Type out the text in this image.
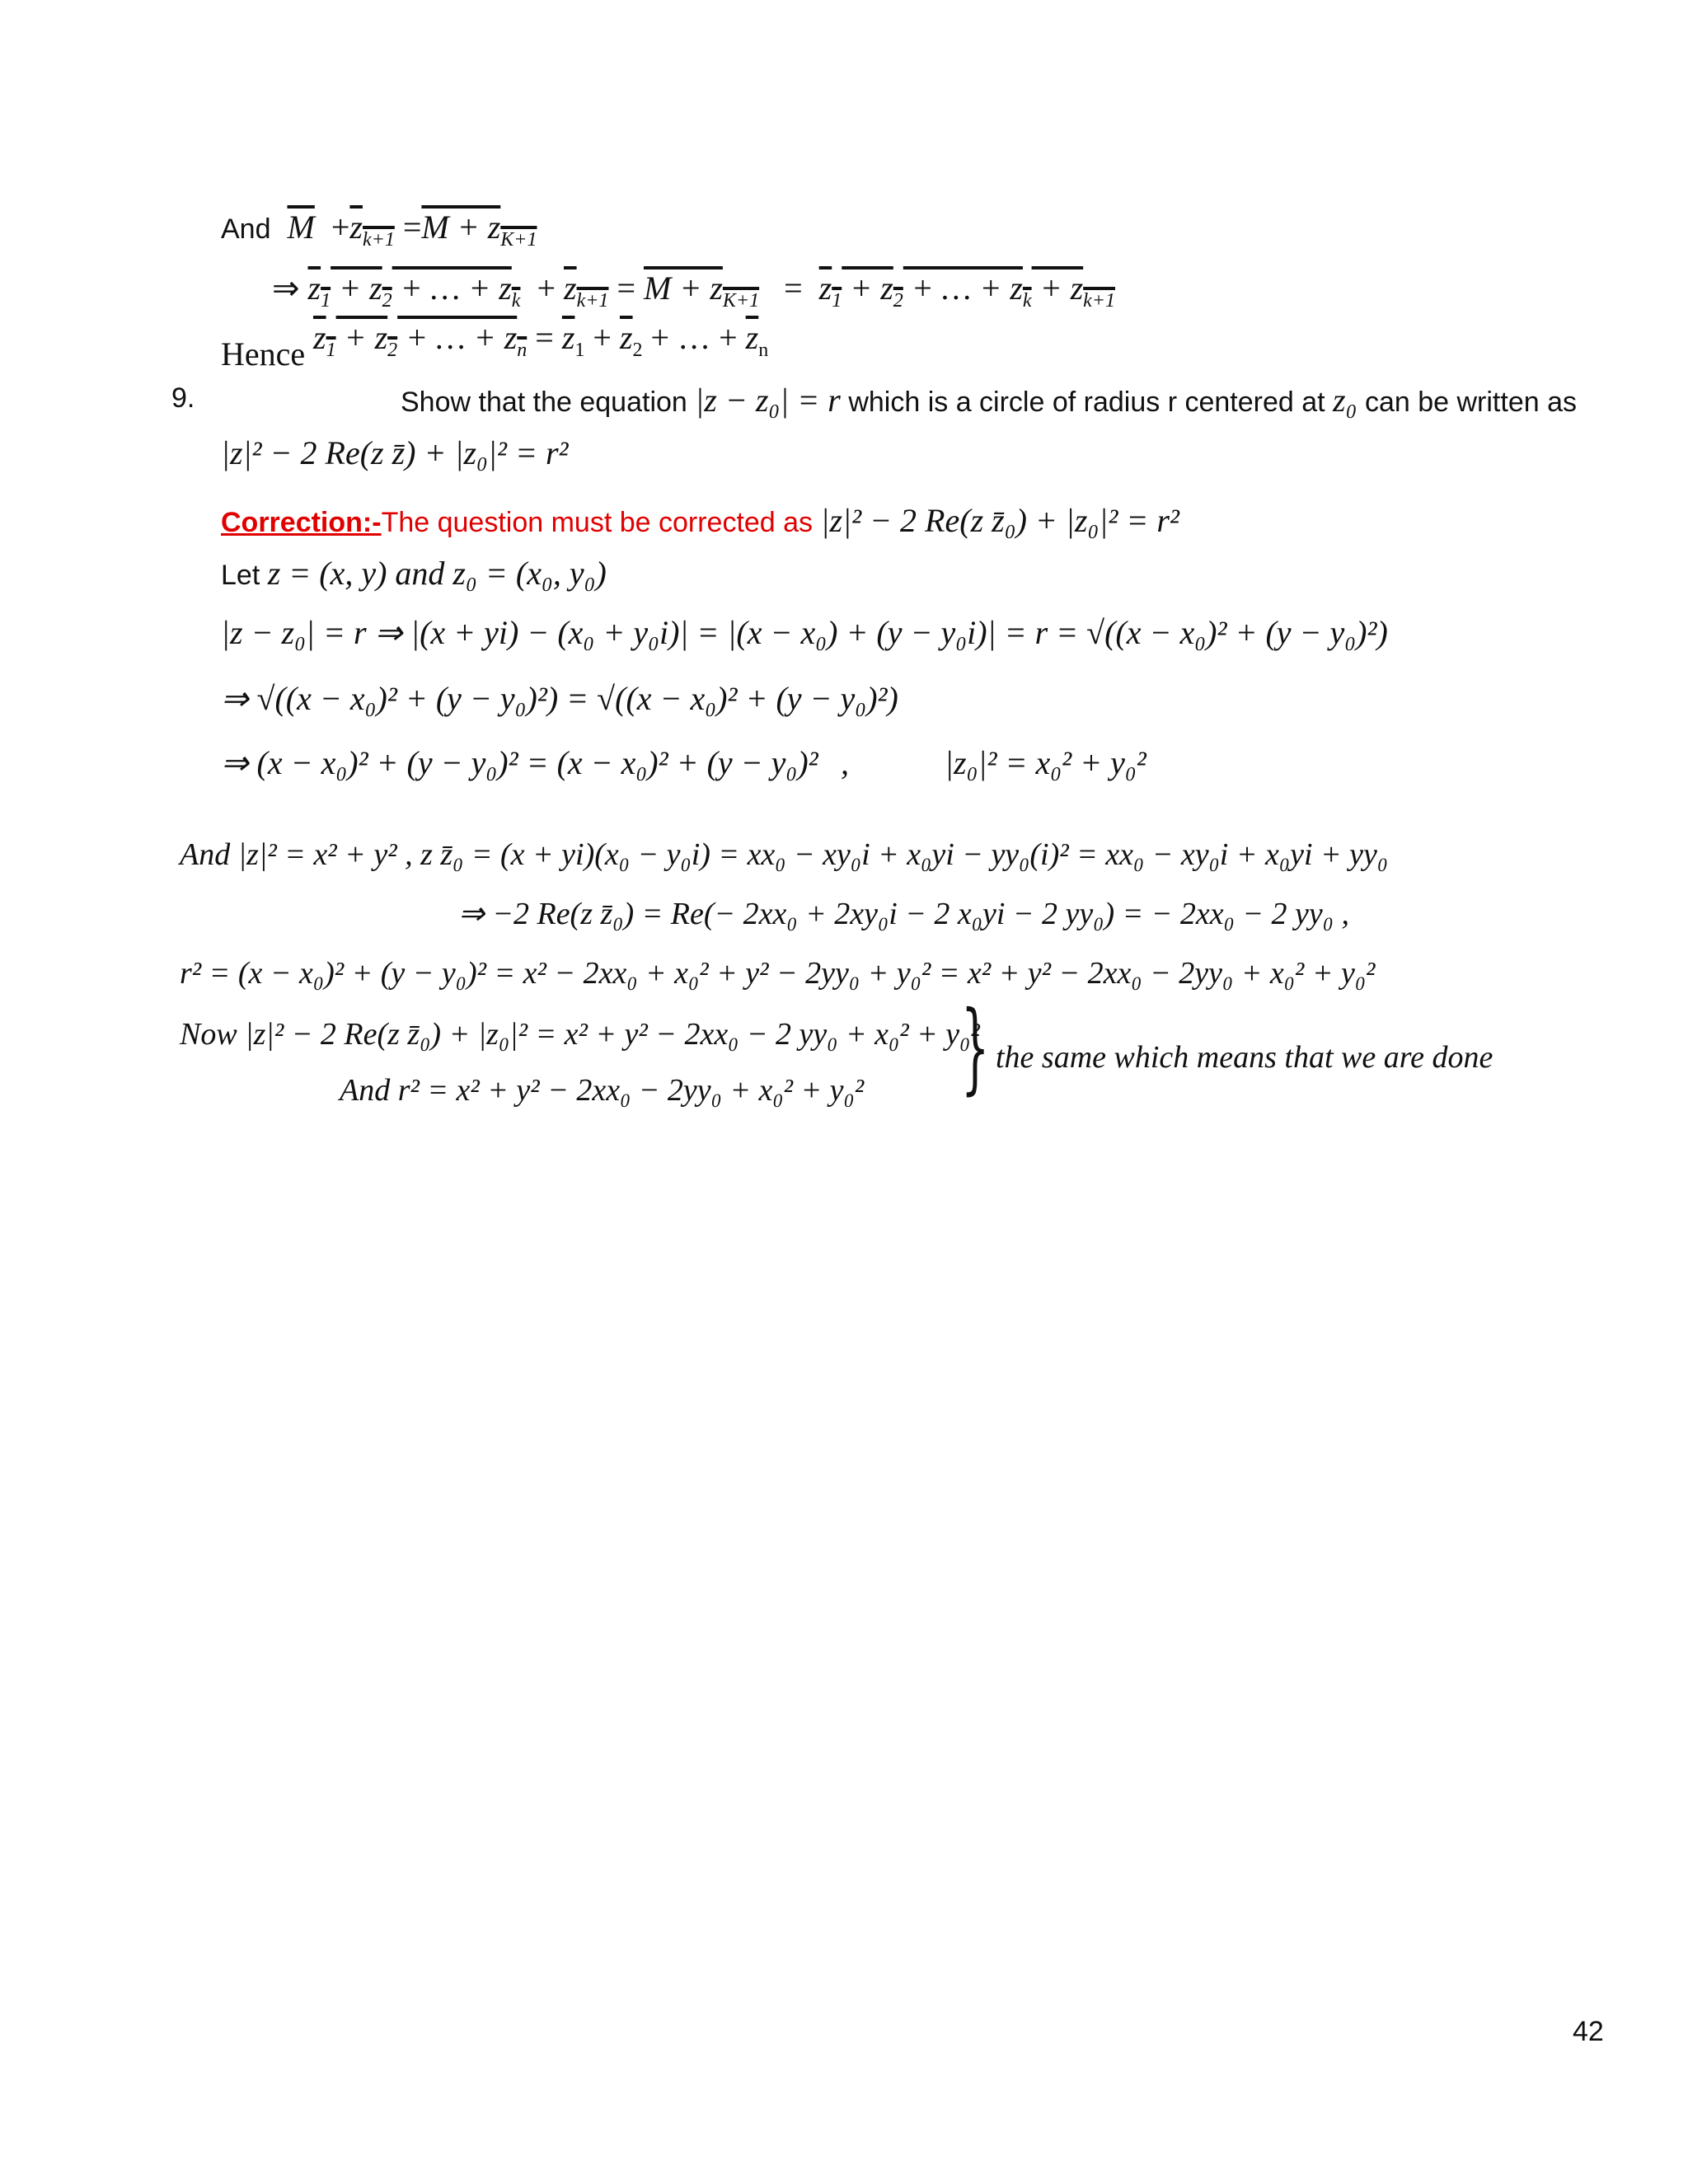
And $\overline{M} +z_{k+1} =M + z_{K+1}$
⇒ $z_1 + z_2$ + … + $z_k + z_{k+1} = M + z_{K+1} = z_1 + z_2$ + … + $z_k + z_{k+1}$
Hence $z_1 + z_2$ + … + $z_n = \overline{z}_1 + \overline{z}_2$ + … + $\overline{z}_n$
9.	Show that the equation |z − z₀| = r which is a circle of radius r centered at z₀ can be written as
|z|² − 2 Re(z z̄) + |z₀|² = r²
Correction:-The question must be corrected as |z|² − 2 Re(z z̄₀) + |z₀|² = r²
Let z = (x, y) and z₀ = (x₀, y₀)
|z − z₀| = r ⇒ |(x + yi) − (x₀ + y₀i)| = |(x − x₀) + (y − y₀i)| = r = √((x − x₀)² + (y − y₀)²)
⇒ √((x − x₀)² + (y − y₀)²) = √((x − x₀)² + (y − y₀)²)
⇒ (x − x₀)² + (y − y₀)² = (x − x₀)² + (y − y₀)² ,	|z₀|² = x₀² + y₀²
And |z|² = x² + y² , z z̄₀ = (x + yi)(x₀ − y₀i) = xx₀ − xy₀i + x₀yi − yy₀(i)² = xx₀ − xy₀i + x₀yi + yy₀
⇒ −2 Re(z z̄₀) = Re(− 2xx₀ + 2xy₀i − 2 x₀yi − 2 yy₀) = − 2xx₀ − 2 yy₀ ,
r² = (x − x₀)² + (y − y₀)² = x² − 2xx₀ + x₀² + y² − 2yy₀ + y₀² = x² + y² − 2xx₀ − 2yy₀ + x₀² + y₀²
Now |z|² − 2 Re(z z̄₀) + |z₀|² = x² + y² − 2xx₀ − 2 yy₀ + x₀² + y₀²
And r² = x² + y² − 2xx₀ − 2yy₀ + x₀² + y₀² } the same which means that we are done
42
